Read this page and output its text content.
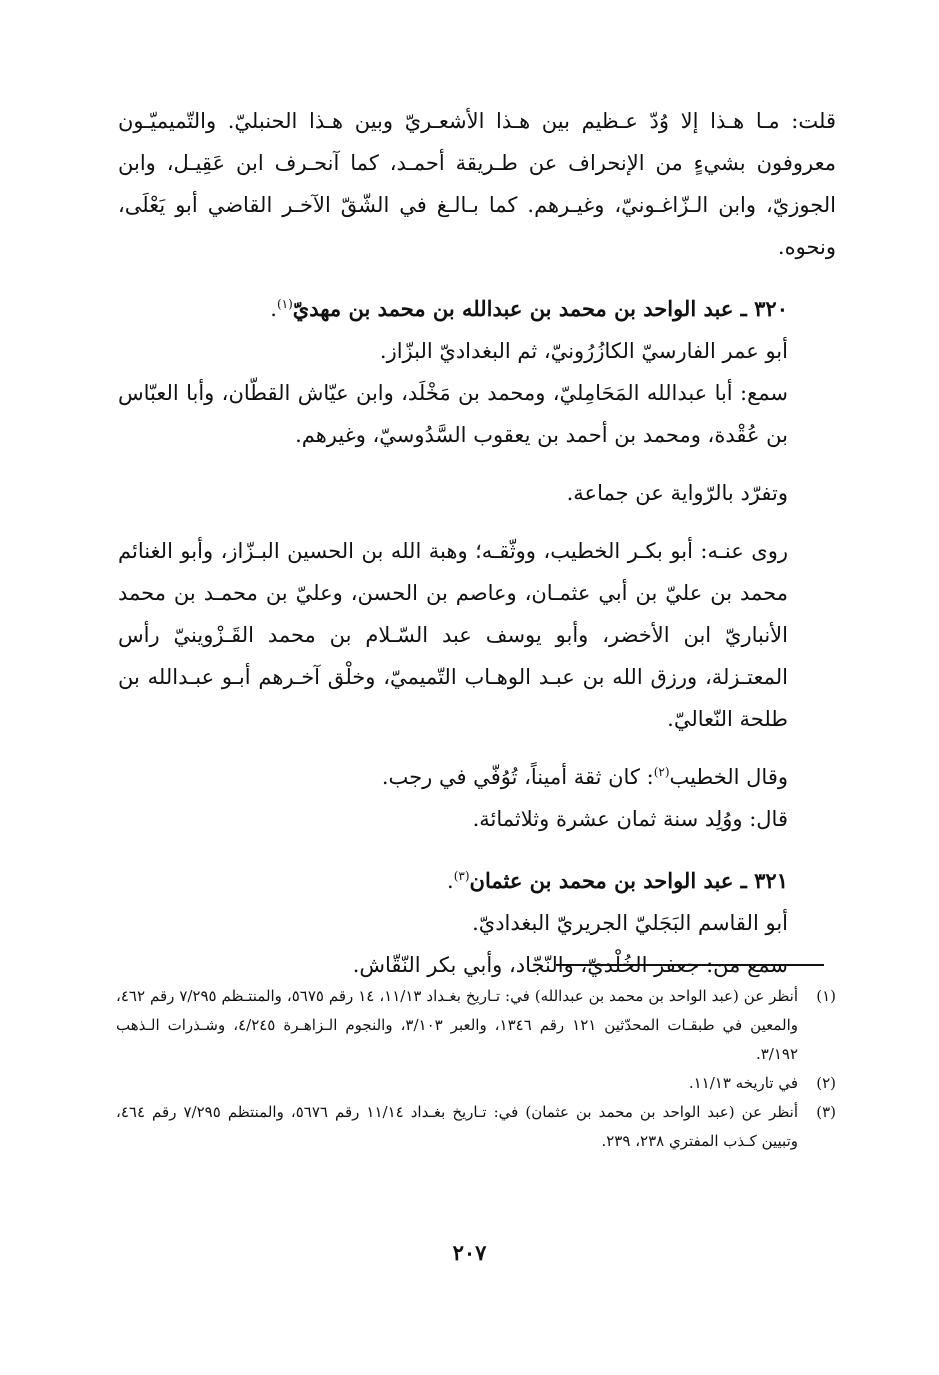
قلت: مـا هـذا إلا وُدّ عـظيم بين هـذا الأشعـريّ وبين هـذا الحنبليّ. والتّميميّـون معروفون بشيءٍ من الإنحراف عن طـريقة أحمـد، كما آنحـرف ابن عَقِيـل، وابن الجوزيّ، وابن الـزّاغـونيّ، وغيـرهم. كما بـالـغ في الشّقّ الآخـر القاضي أبو يَعْلَى، ونحوه.

٣٢٠ ـ عبد الواحد بن محمد بن عبدالله بن محمد بن مهديّ$^{(١)}$.

أبو عمر الفارسيّ الكازُرُونيّ، ثم البغداديّ البزّاز.

سمع: أبا عبدالله المَحَامِليّ، ومحمد بن مَخْلَد، وابن عيّاش القطّان، وأبا العبّاس بن عُقْدة، ومحمد بن أحمد بن يعقوب السَّدُوسيّ، وغيرهم.

وتفرّد بالرّواية عن جماعة.

روى عنـه: أبو بكـر الخطيب، ووثّقـه؛ وهبة الله بن الحسين البـزّاز، وأبو الغنائم محمد بن عليّ بن أبي عثمـان، وعاصم بن الحسن، وعليّ بن محمـد بن محمد الأنباريّ ابن الأخضر، وأبو يوسف عبد السّـلام بن محمد القَـزْوينيّ رأس المعتـزلة، ورزق الله بن عبـد الوهـاب التّميميّ، وخلْق آخـرهم أبـو عبـدالله بن طلحة النّعاليّ.

وقال الخطيب$^{(٢)}$: كان ثقة أميناً، تُوُفّي في رجب.

قال: ووُلِد سنة ثمان عشرة وثلاثمائة.

٣٢١ ـ عبد الواحد بن محمد بن عثمان$^{(٣)}$.

أبو القاسم البَجَليّ الجريريّ البغداديّ.

سمع من: جعفر الخُلْديّ، والنّجّاد، وأبي بكر النّقّاش.

(١)
أنظر عن (عبد الواحد بن محمد بن عبدالله) في: تـاريخ بغـداد ١١/١٣، ١٤ رقم ٥٦٧٥، والمنتـظم ٧/٢٩٥ رقم ٤٦٢، والمعين في طبقـات المحدّثين ١٢١ رقم ١٣٤٦، والعبر ٣/١٠٣، والنجوم الـزاهـرة ٤/٢٤٥، وشـذرات الـذهب ٣/١٩٢.
(٢)
في تاريخه ١١/١٣.
(٣)
أنظر عن (عبد الواحد بن محمد بن عثمان) في: تـاريخ بغـداد ١١/١٤ رقم ٥٦٧٦، والمنتظم ٧/٢٩٥ رقم ٤٦٤، وتبيين كـذب المفتري ٢٣٨، ٢٣٩.
٢٠٧
